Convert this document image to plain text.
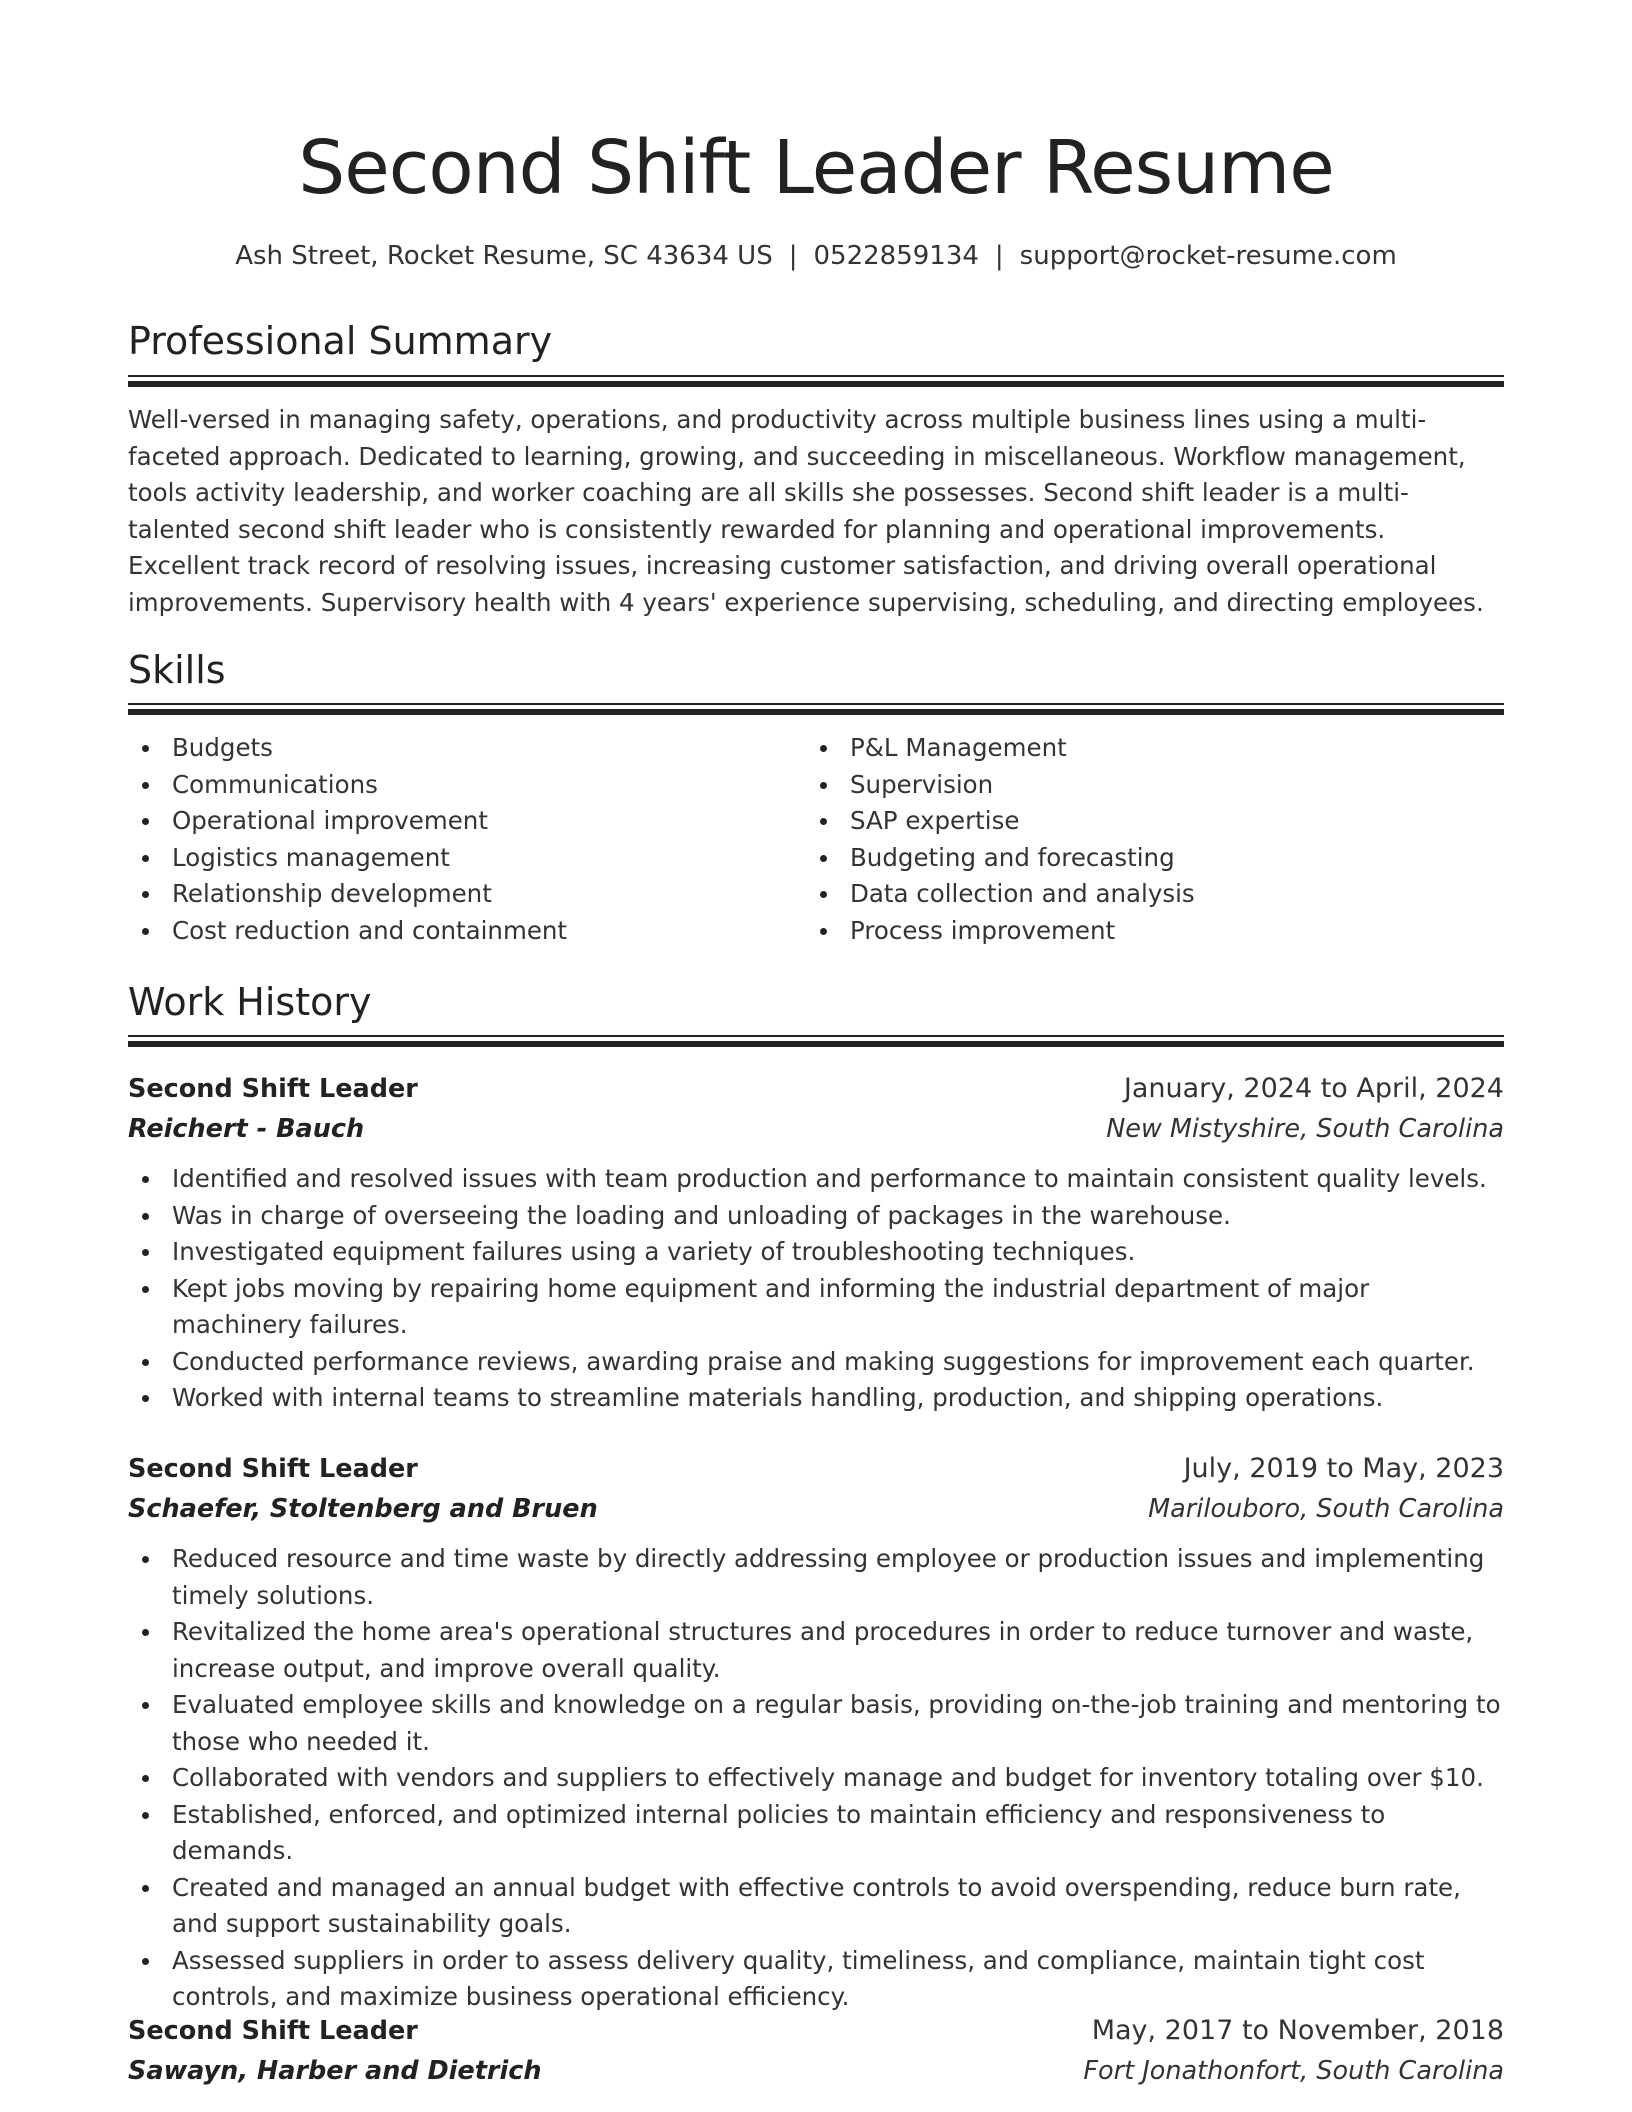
Second Shift Leader Resume
Ash Street, Rocket Resume, SC 43634 US | 0522859134 | support@rocket-resume.com
Professional Summary

Well-versed in managing safety, operations, and productivity across multiple business lines using a multi-faceted approach. Dedicated to learning, growing, and succeeding in miscellaneous. Workflow management, tools activity leadership, and worker coaching are all skills she possesses. Second shift leader is a multi-talented second shift leader who is consistently rewarded for planning and operational improvements. Excellent track record of resolving issues, increasing customer satisfaction, and driving overall operational improvements. Supervisory health with 4 years' experience supervising, scheduling, and directing employees.

Skills
Budgets
Communications
Operational improvement
Logistics management
Relationship development
Cost reduction and containment
P&L Management
Supervision
SAP expertise
Budgeting and forecasting
Data collection and analysis
Process improvement
Work History
Second Shift Leader	January, 2024 to April, 2024
Reichert - Bauch	New Mistyshire, South Carolina
Identified and resolved issues with team production and performance to maintain consistent quality levels.
Was in charge of overseeing the loading and unloading of packages in the warehouse.
Investigated equipment failures using a variety of troubleshooting techniques.
Kept jobs moving by repairing home equipment and informing the industrial department of major machinery failures.
Conducted performance reviews, awarding praise and making suggestions for improvement each quarter.
Worked with internal teams to streamline materials handling, production, and shipping operations.
Second Shift Leader	July, 2019 to May, 2023
Schaefer, Stoltenberg and Bruen	Marilouboro, South Carolina
Reduced resource and time waste by directly addressing employee or production issues and implementing timely solutions.
Revitalized the home area's operational structures and procedures in order to reduce turnover and waste, increase output, and improve overall quality.
Evaluated employee skills and knowledge on a regular basis, providing on-the-job training and mentoring to those who needed it.
Collaborated with vendors and suppliers to effectively manage and budget for inventory totaling over $10.
Established, enforced, and optimized internal policies to maintain efficiency and responsiveness to demands.
Created and managed an annual budget with effective controls to avoid overspending, reduce burn rate, and support sustainability goals.
Assessed suppliers in order to assess delivery quality, timeliness, and compliance, maintain tight cost controls, and maximize business operational efficiency.
Second Shift Leader	May, 2017 to November, 2018
Sawayn, Harber and Dietrich	Fort Jonathonfort, South Carolina
